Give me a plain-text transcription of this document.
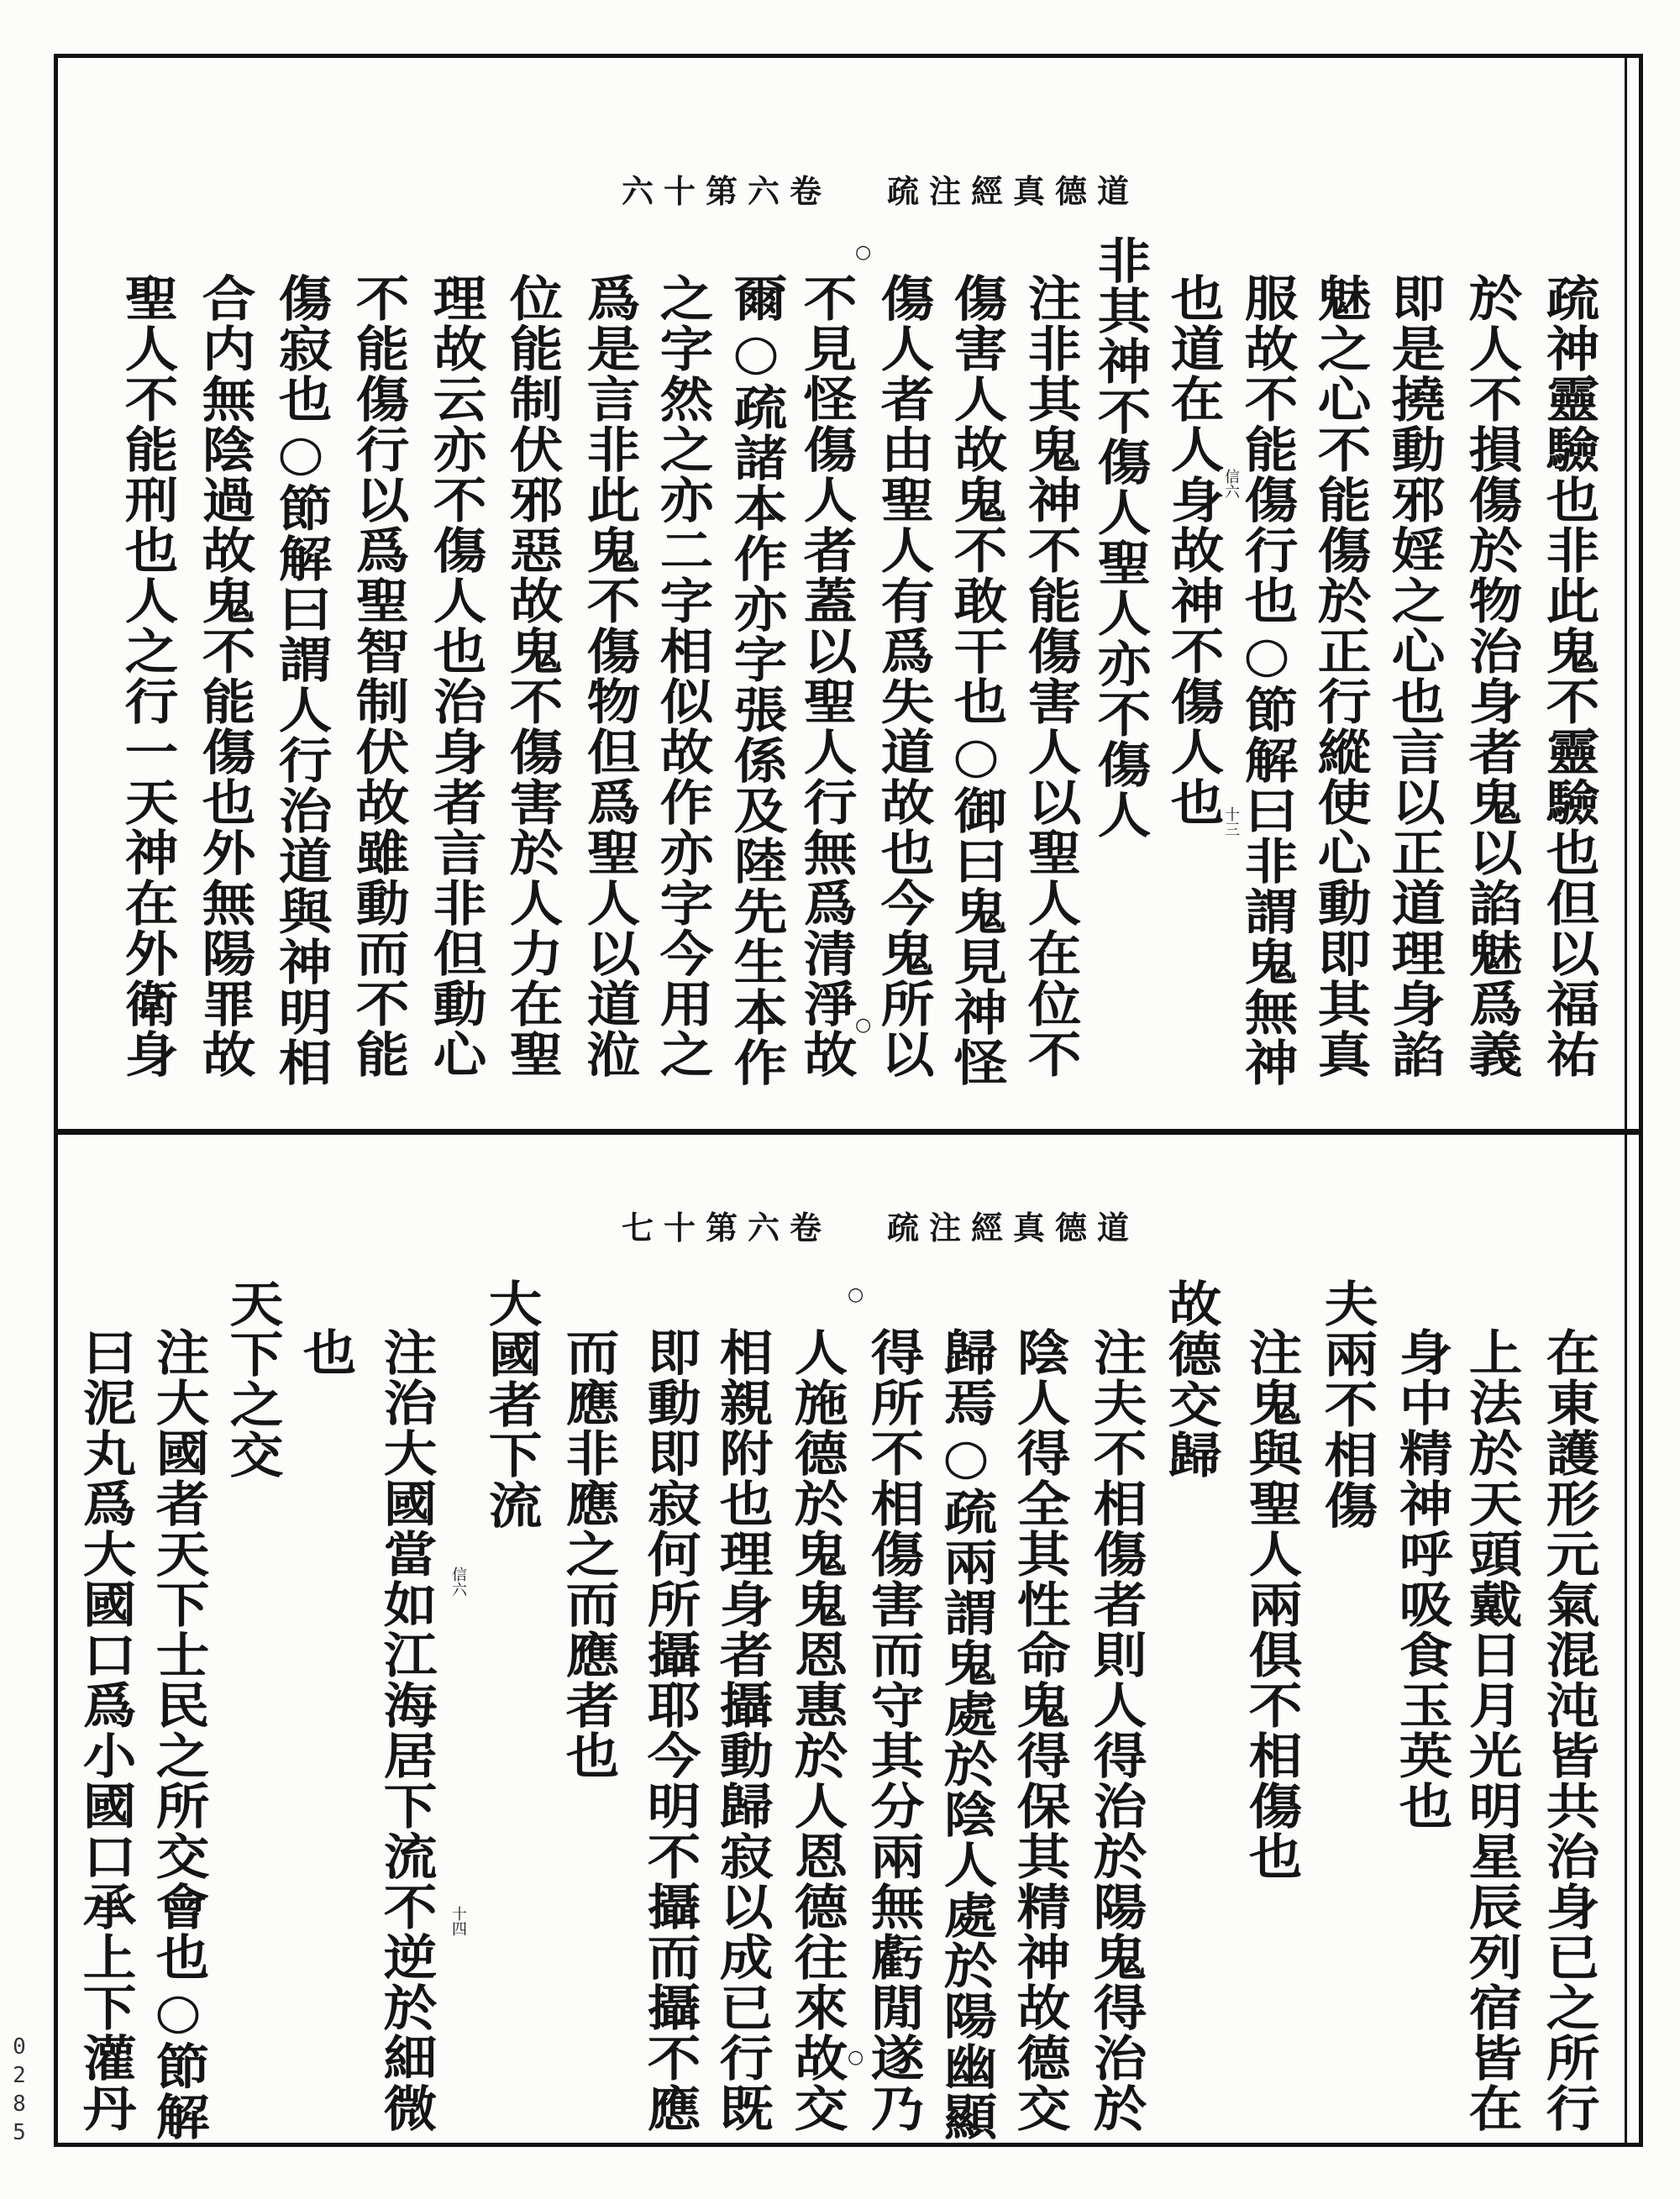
道德真經注疏
卷六第十六
疏神靈驗也非此鬼不靈驗也但以福祐
於人不損傷於物治身者鬼以諂魅爲義
即是撓動邪婬之心也言以正道理身諂
魅之心不能傷於正行縱使心動即其真
服故不能傷行也○節解曰非謂鬼無神
也道在人身故神不傷人也
非其神不傷人聖人亦不傷人
注非其鬼神不能傷害人以聖人在位不
傷害人故鬼不敢干也○御曰鬼見神怪
傷人者由聖人有爲失道故也今鬼所以
不見怪傷人者蓋以聖人行無爲清淨故
爾○疏諸本作亦字張係及陸先生本作
之字然之亦二字相似故作亦字今用之
爲是言非此鬼不傷物但爲聖人以道涖
位能制伏邪惡故鬼不傷害於人力在聖
理故云亦不傷人也治身者言非但動心
不能傷行以爲聖智制伏故雖動而不能
傷寂也○節解曰謂人行治道與神明相
合内無陰過故鬼不能傷也外無陽罪故
聖人不能刑也人之行一天神在外衛身	信六
十三
○
○
道德真經注疏
卷六第十七
在東護形元氣混沌皆共治身已之所行
上法於天頭戴日月光明星辰列宿皆在
身中精神呼吸食玉英也
夫兩不相傷
注鬼與聖人兩俱不相傷也
故德交歸
注夫不相傷者則人得治於陽鬼得治於
陰人得全其性命鬼得保其精神故德交
歸焉○疏兩謂鬼處於陰人處於陽幽顯
得所不相傷害而守其分兩無虧閒遂乃
人施德於鬼鬼恩惠於人恩德往來故交
相親附也理身者攝動歸寂以成已行既
即動即寂何所攝耶今明不攝而攝不應
而應非應之而應者也
大國者下流
注治大國當如江海居下流不逆於細微
也
天下之交
注大國者天下士民之所交會也○節解
曰泥丸爲大國口爲小國口承上下灌丹	信六
十四
○
○
0285
